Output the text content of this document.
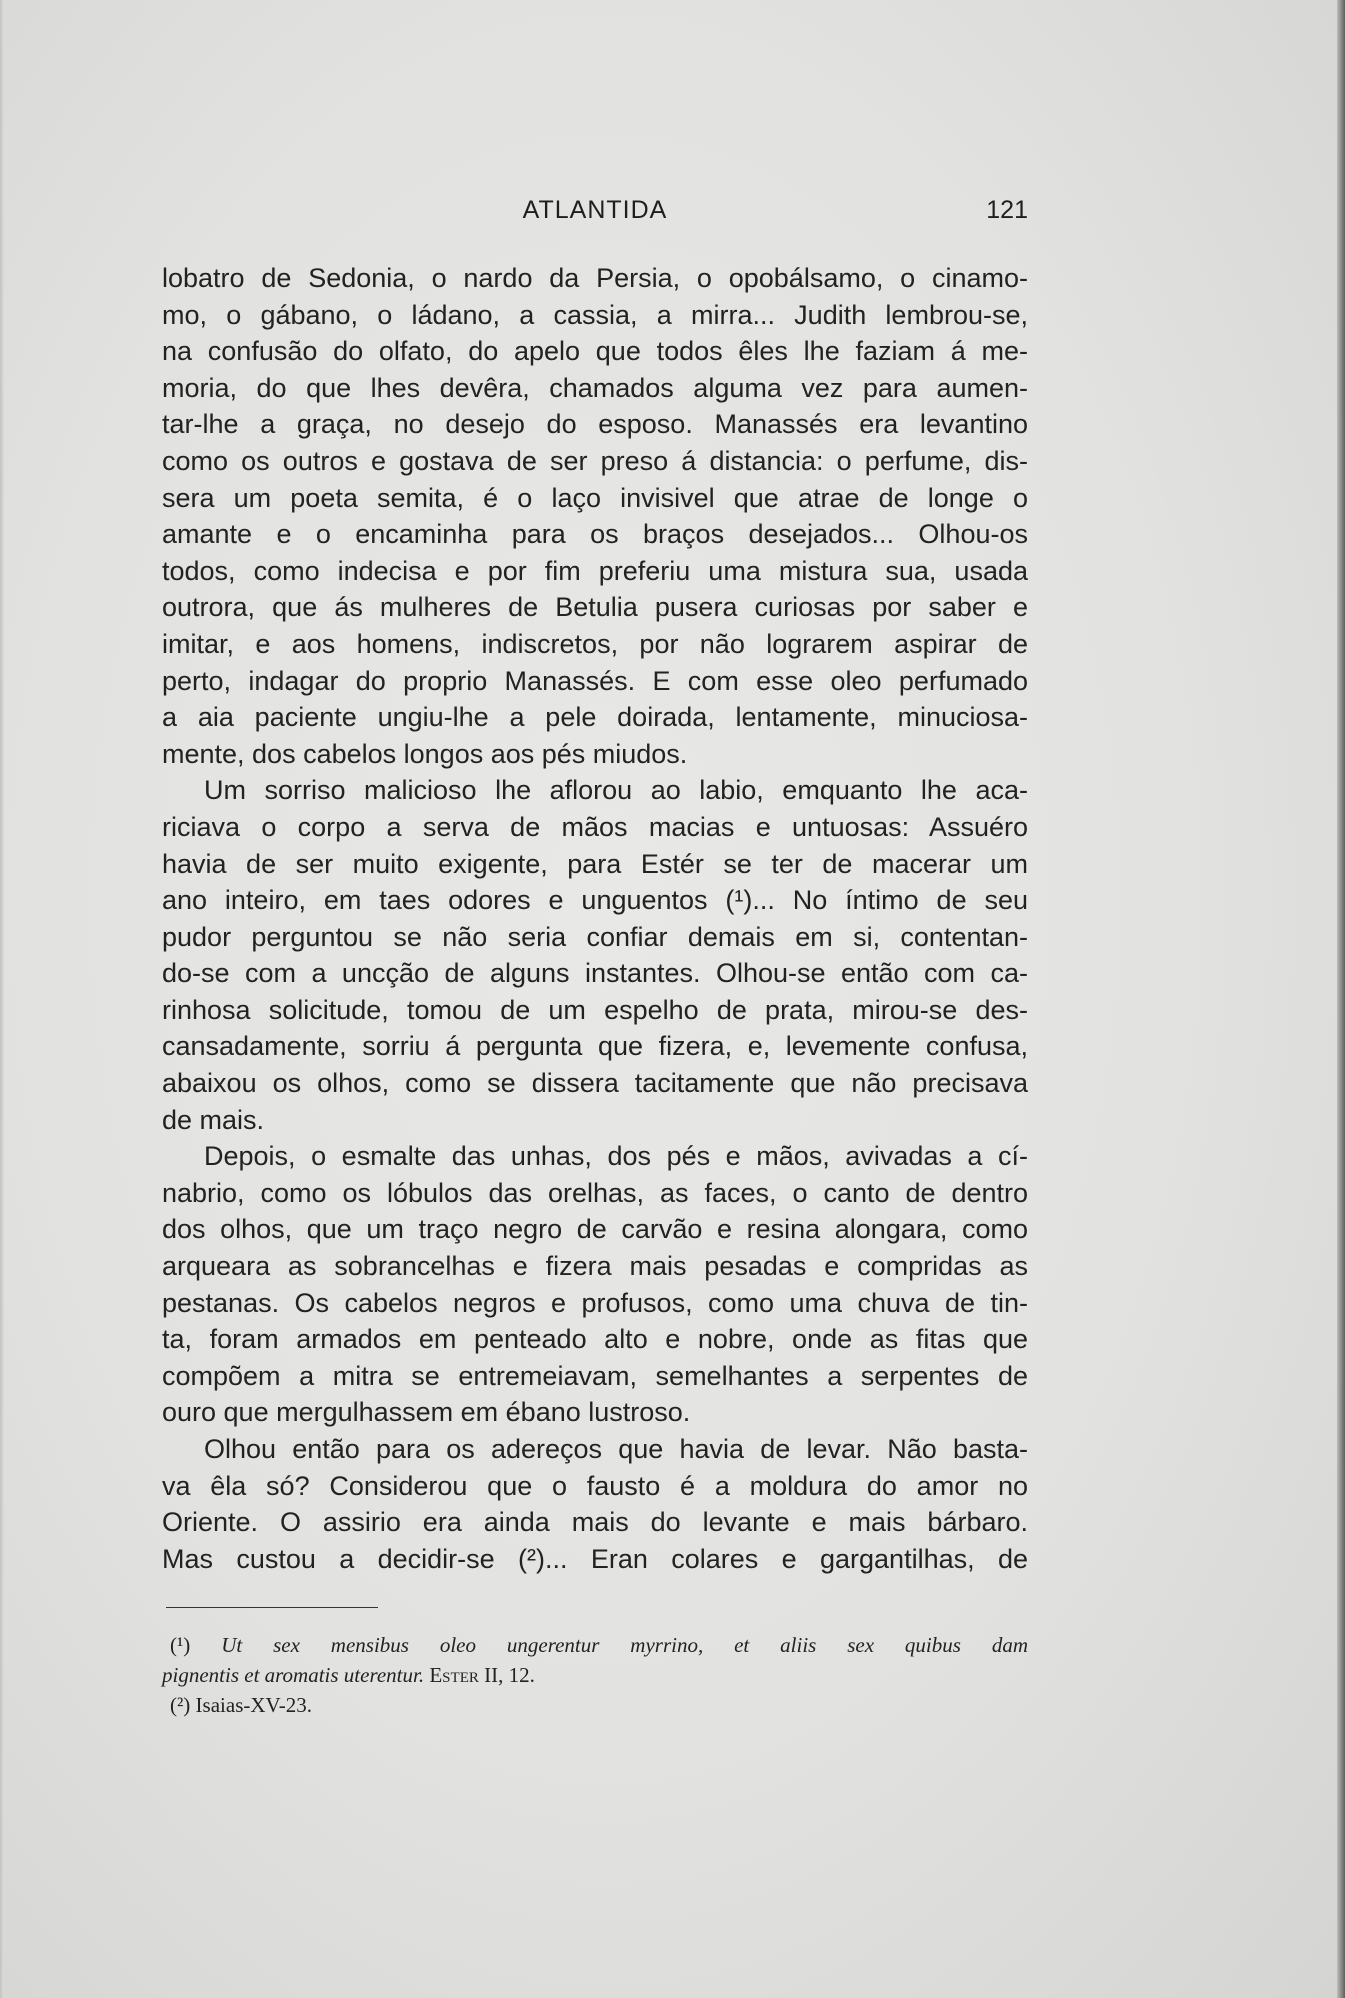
ATLANTIDA	121
lobatro de Sedonia, o nardo da Persia, o opobálsamo, o cinamo-
mo, o gábano, o ládano, a cassia, a mirra... Judith lembrou-se,
na confusão do olfato, do apelo que todos êles lhe faziam á me-
moria, do que lhes devêra, chamados alguma vez para aumen-
tar-lhe a graça, no desejo do esposo. Manassés era levantino
como os outros e gostava de ser preso á distancia: o perfume, dis-
sera um poeta semita, é o laço invisivel que atrae de longe o
amante e o encaminha para os braços desejados... Olhou-os
todos, como indecisa e por fim preferiu uma mistura sua, usada
outrora, que ás mulheres de Betulia pusera curiosas por saber e
imitar, e aos homens, indiscretos, por não lograrem aspirar de
perto, indagar do proprio Manassés. E com esse oleo perfumado
a aia paciente ungiu-lhe a pele doirada, lentamente, minuciosa-
mente, dos cabelos longos aos pés miudos.
Um sorriso malicioso lhe aflorou ao labio, emquanto lhe aca-
riciava o corpo a serva de mãos macias e untuosas: Assuéro
havia de ser muito exigente, para Estér se ter de macerar um
ano inteiro, em taes odores e unguentos (¹)... No íntimo de seu
pudor perguntou se não seria confiar demais em si, contentan-
do-se com a uncção de alguns instantes. Olhou-se então com ca-
rinhosa solicitude, tomou de um espelho de prata, mirou-se des-
cansadamente, sorriu á pergunta que fizera, e, levemente confusa,
abaixou os olhos, como se dissera tacitamente que não precisava
de mais.
Depois, o esmalte das unhas, dos pés e mãos, avivadas a cí-
nabrio, como os lóbulos das orelhas, as faces, o canto de dentro
dos olhos, que um traço negro de carvão e resina alongara, como
arqueara as sobrancelhas e fizera mais pesadas e compridas as
pestanas. Os cabelos negros e profusos, como uma chuva de tin-
ta, foram armados em penteado alto e nobre, onde as fitas que
compõem a mitra se entremeiavam, semelhantes a serpentes de
ouro que mergulhassem em ébano lustroso.
Olhou então para os adereços que havia de levar. Não basta-
va êla só? Considerou que o fausto é a moldura do amor no
Oriente. O assirio era ainda mais do levante e mais bárbaro.
Mas custou a decidir-se (²)... Eran colares e gargantilhas, de
(¹) Ut sex mensibus oleo ungerentur myrrino, et aliis sex quibus dam
pignentis et aromatis uterentur. Ester II, 12.
(²) Isaias-XV-23.
